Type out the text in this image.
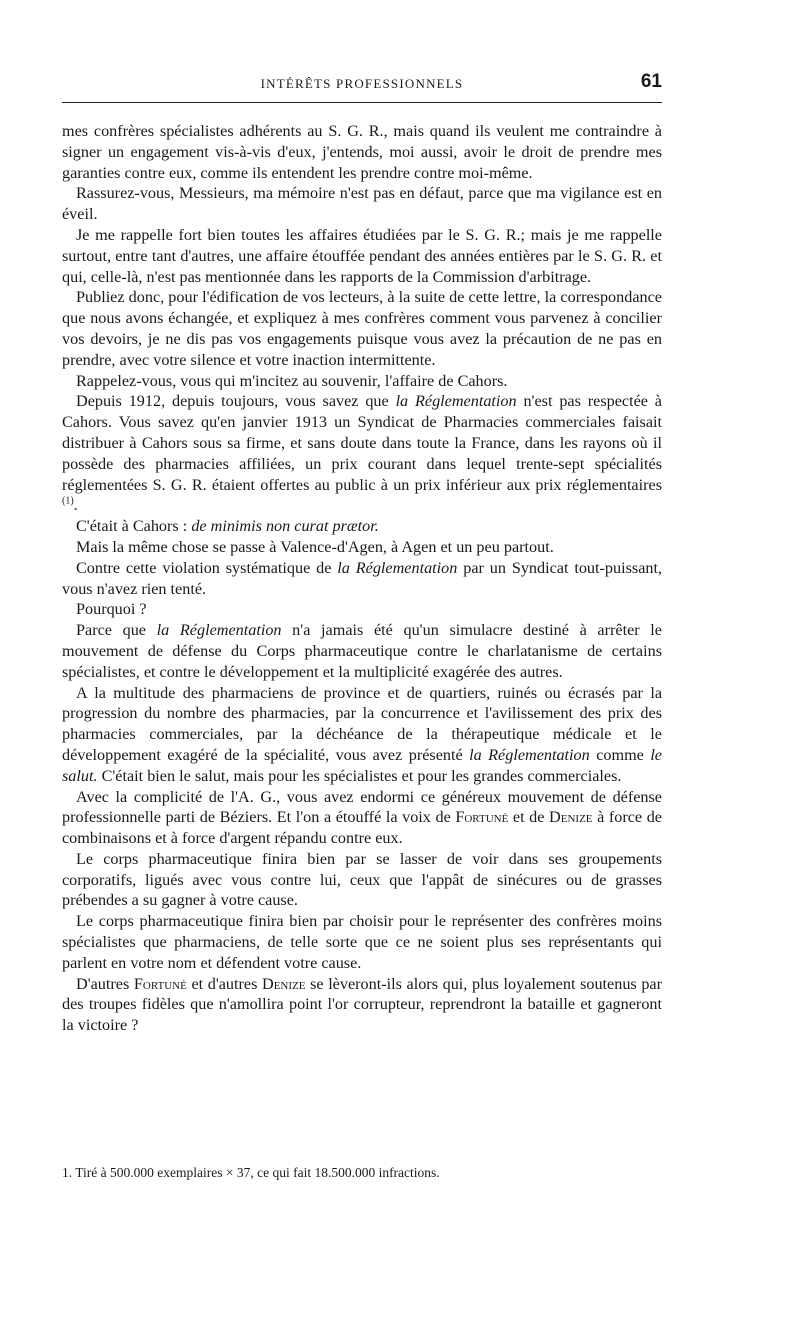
INTÉRÊTS PROFESSIONNELS	61

mes confrères spécialistes adhérents au S. G. R., mais quand ils veulent me contraindre à signer un engagement vis-à-vis d'eux, j'entends, moi aussi, avoir le droit de prendre mes garanties contre eux, comme ils entendent les prendre contre moi-même.

Rassurez-vous, Messieurs, ma mémoire n'est pas en défaut, parce que ma vigilance est en éveil.

Je me rappelle fort bien toutes les affaires étudiées par le S. G. R.; mais je me rappelle surtout, entre tant d'autres, une affaire étouffée pendant des années entières par le S. G. R. et qui, celle-là, n'est pas mentionnée dans les rapports de la Commission d'arbitrage.

Publiez donc, pour l'édification de vos lecteurs, à la suite de cette lettre, la correspondance que nous avons échangée, et expliquez à mes confrères comment vous parvenez à concilier vos devoirs, je ne dis pas vos engagements puisque vous avez la précaution de ne pas en prendre, avec votre silence et votre inaction intermittente.

Rappelez-vous, vous qui m'incitez au souvenir, l'affaire de Cahors.

Depuis 1912, depuis toujours, vous savez que la Réglementation n'est pas respectée à Cahors. Vous savez qu'en janvier 1913 un Syndicat de Pharmacies commerciales faisait distribuer à Cahors sous sa firme, et sans doute dans toute la France, dans les rayons où il possède des pharmacies affiliées, un prix courant dans lequel trente-sept spécialités réglementées S. G. R. étaient offertes au public à un prix inférieur aux prix réglementaires $^{(1)}$.

C'était à Cahors : de minimis non curat prætor.

Mais la même chose se passe à Valence-d'Agen, à Agen et un peu partout.

Contre cette violation systématique de la Réglementation par un Syndicat tout-puissant, vous n'avez rien tenté.

Pourquoi ?

Parce que la Réglementation n'a jamais été qu'un simulacre destiné à arrêter le mouvement de défense du Corps pharmaceutique contre le charlatanisme de certains spécialistes, et contre le développement et la multiplicité exagérée des autres.

A la multitude des pharmaciens de province et de quartiers, ruinés ou écrasés par la progression du nombre des pharmacies, par la concurrence et l'avilissement des prix des pharmacies commerciales, par la déchéance de la thérapeutique médicale et le développement exagéré de la spécialité, vous avez présenté la Réglementation comme le salut. C'était bien le salut, mais pour les spécialistes et pour les grandes commerciales.

Avec la complicité de l'A. G., vous avez endormi ce généreux mouvement de défense professionnelle parti de Béziers. Et l'on a étouffé la voix de Fortuné et de Denize à force de combinaisons et à force d'argent répandu contre eux.

Le corps pharmaceutique finira bien par se lasser de voir dans ses groupements corporatifs, ligués avec vous contre lui, ceux que l'appât de sinécures ou de grasses prébendes a su gagner à votre cause.

Le corps pharmaceutique finira bien par choisir pour le représenter des confrères moins spécialistes que pharmaciens, de telle sorte que ce ne soient plus ses représentants qui parlent en votre nom et défendent votre cause.

D'autres Fortuné et d'autres Denize se lèveront-ils alors qui, plus loyalement soutenus par des troupes fidèles que n'amollira point l'or corrupteur, reprendront la bataille et gagneront la victoire ?

1. Tiré à 500.000 exemplaires × 37, ce qui fait 18.500.000 infractions.
